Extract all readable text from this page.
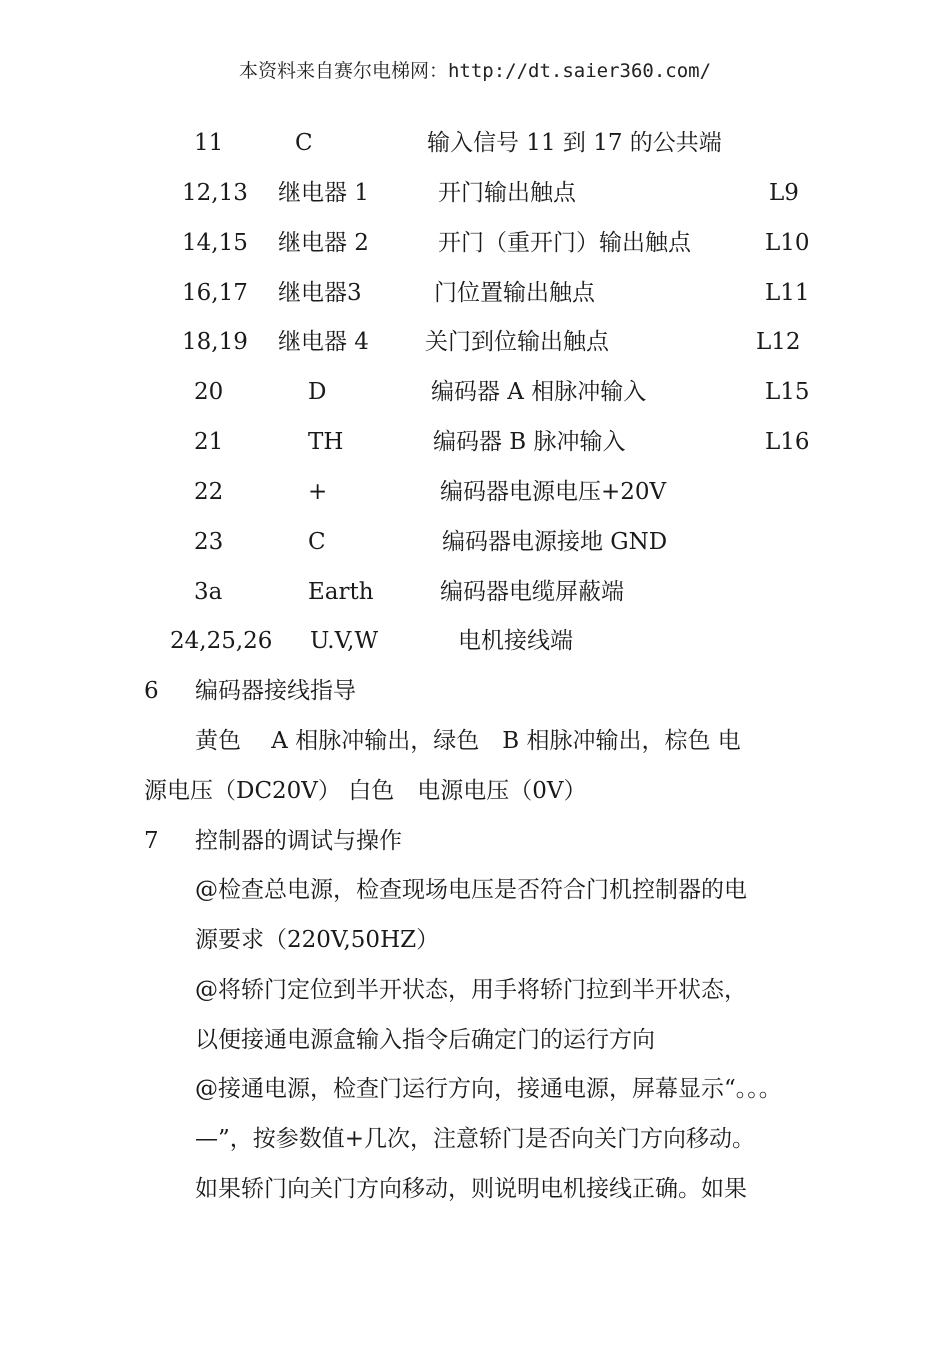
本资料来自赛尔电梯网：http://dt.saier360.com/
11	C	输入信号 11 到 17 的公共端
12,13 继电器 1	开门输出触点	L9
14,15 继电器 2	开门（重开门）输出触点	L10
16,17 继电器3	门位置输出触点	L11
18,19 继电器 4 关门到位输出触点	L12
20	D	编码器 A 相脉冲输入	L15
21	TH	编码器 B 脉冲输入	L16
22	+	编码器电源电压+20V
23	C	编码器电源接地 GND
3a	Earth	编码器电缆屏蔽端
24,25,26 U.V,W	电机接线端
6 编码器接线指导
黄色　 A 相脉冲输出，绿色　B 相脉冲输出，棕色 电
源电压（DC20V） 白色　电源电压（0V）
7 控制器的调试与操作
@检查总电源，检查现场电压是否符合门机控制器的电
源要求（220V,50HZ）
@将轿门定位到半开状态，用手将轿门拉到半开状态，
以便接通电源盒输入指令后确定门的运行方向
@接通电源，检查门运行方向，接通电源，屏幕显示“。。。
—”，按参数值+几次，注意轿门是否向关门方向移动。
如果轿门向关门方向移动，则说明电机接线正确。如果
